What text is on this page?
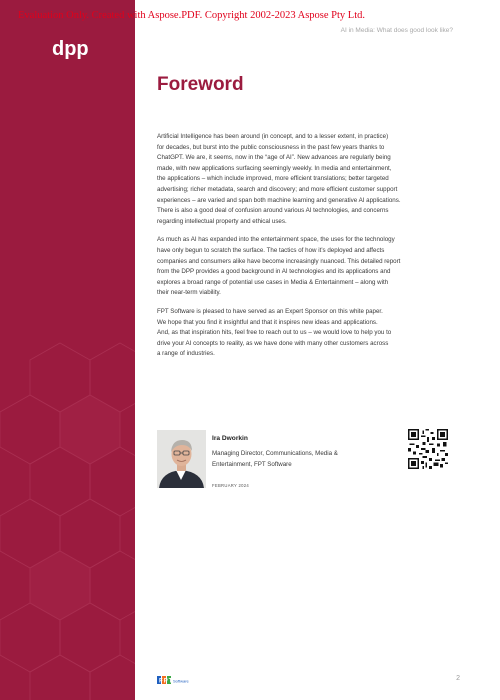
dpp
Evaluation Only. Created with Aspose.PDF. Copyright 2002-2023 Aspose Pty Ltd.
AI in Media: What does good look like?
Foreword

Artificial Intelligence has been around (in concept, and to a lesser extent, in practice)
for decades, but burst into the public consciousness in the past few years thanks to
ChatGPT. We are, it seems, now in the “age of AI”. New advances are regularly being
made, with new applications surfacing seemingly weekly. In media and entertainment,
the applications – which include improved, more efficient translations; better targeted
advertising; richer metadata, search and discovery; and more efficient customer support
experiences – are varied and span both machine learning and generative AI applications.
There is also a good deal of confusion around various AI technologies, and concerns
regarding intellectual property and ethical uses.

As much as AI has expanded into the entertainment space, the uses for the technology
have only begun to scratch the surface. The tactics of how it’s deployed and affects
companies and consumers alike have become increasingly nuanced. This detailed report
from the DPP provides a good background in AI technologies and its applications and
explores a broad range of potential use cases in Media & Entertainment – along with
their near-term viability.

FPT Software is pleased to have served as an Expert Sponsor on this white paper.
We hope that you find it insightful and that it inspires new ideas and applications.
And, as that inspiration hits, feel free to reach out to us – we would love to help you to
drive your AI concepts to reality, as we have done with many other customers across
a range of industries.

Ira Dworkin
Managing Director, Communications, Media & Entertainment, FPT Software
FEBRUARY 2024
F P T Software	2
